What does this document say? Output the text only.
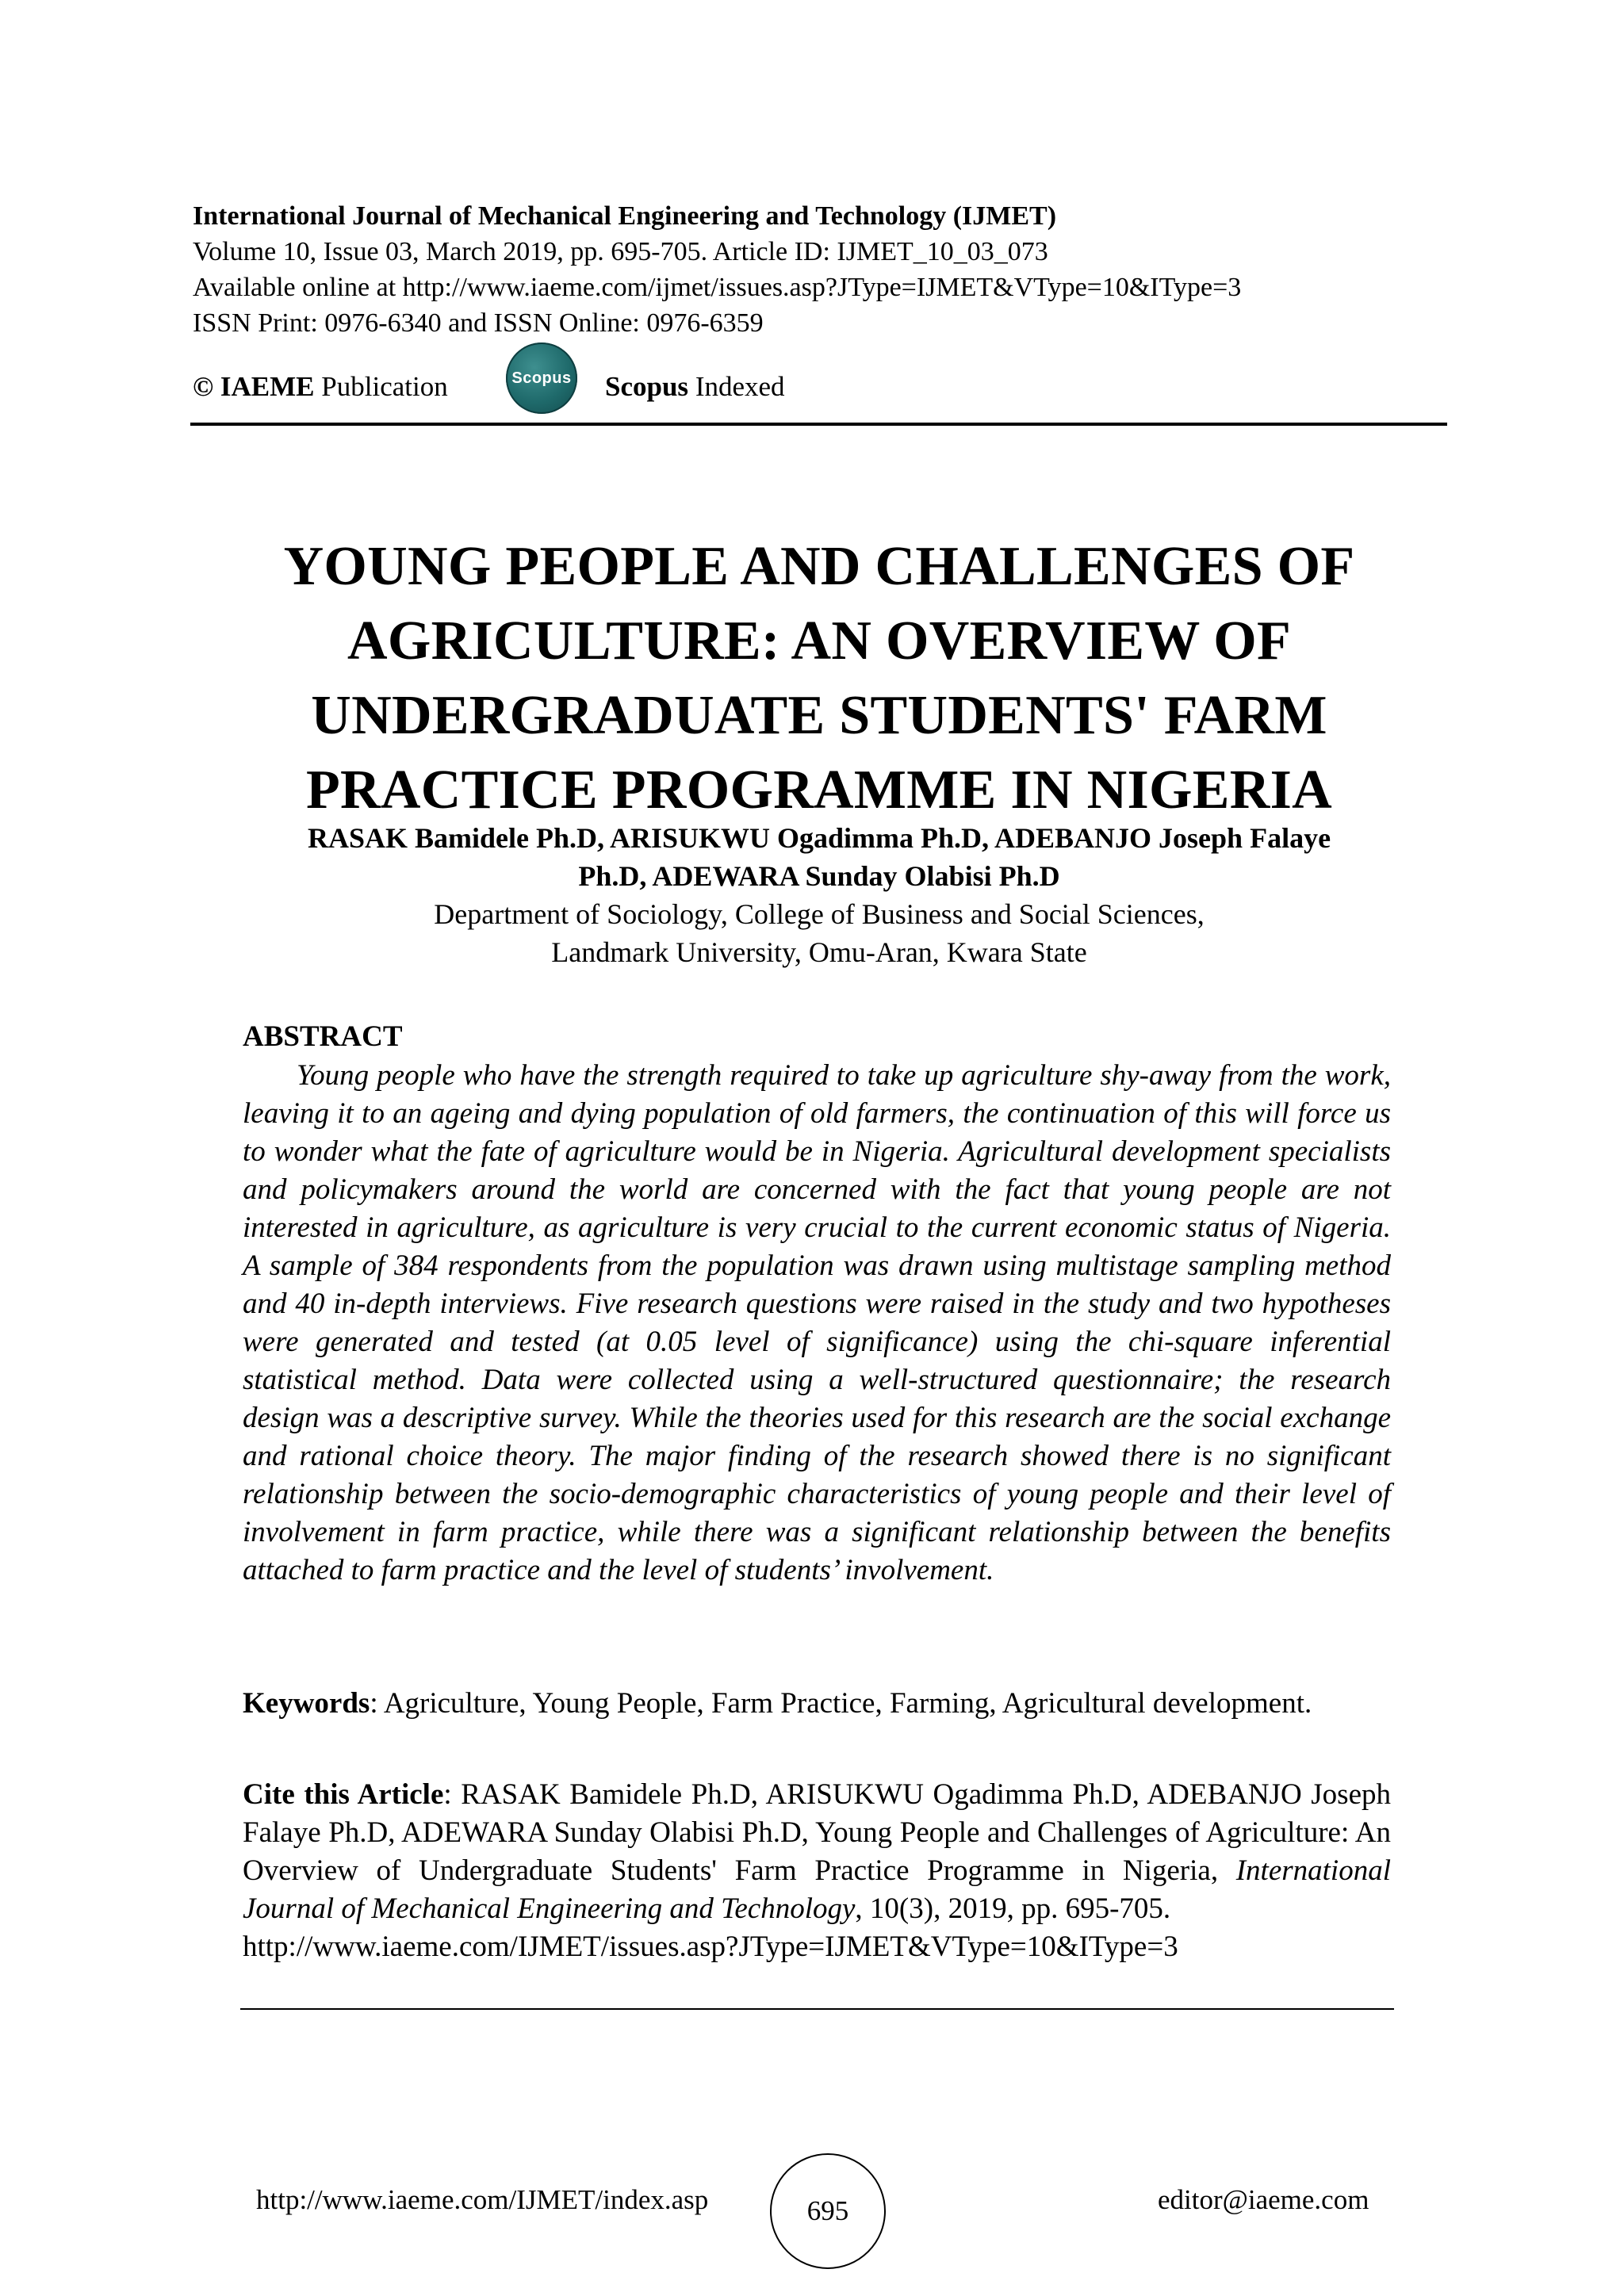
International Journal of Mechanical Engineering and Technology (IJMET)
Volume 10, Issue 03, March 2019, pp. 695-705. Article ID: IJMET_10_03_073
Available online at http://www.iaeme.com/ijmet/issues.asp?JType=IJMET&VType=10&IType=3
ISSN Print: 0976-6340 and ISSN Online: 0976-6359
© IAEME Publication	Scopus Scopus Indexed
YOUNG PEOPLE AND CHALLENGES OF
AGRICULTURE: AN OVERVIEW OF
UNDERGRADUATE STUDENTS' FARM
PRACTICE PROGRAMME IN NIGERIA
RASAK Bamidele Ph.D, ARISUKWU Ogadimma Ph.D, ADEBANJO Joseph Falaye
Ph.D, ADEWARA Sunday Olabisi Ph.D
Department of Sociology, College of Business and Social Sciences,
Landmark University, Omu-Aran, Kwara State
ABSTRACT

Young people who have the strength required to take up agriculture shy-away from the work, leaving it to an ageing and dying population of old farmers, the continuation of this will force us to wonder what the fate of agriculture would be in Nigeria. Agricultural development specialists and policymakers around the world are concerned with the fact that young people are not interested in agriculture, as agriculture is very crucial to the current economic status of Nigeria. A sample of 384 respondents from the population was drawn using multistage sampling method and 40 in-depth interviews. Five research questions were raised in the study and two hypotheses were generated and tested (at 0.05 level of significance) using the chi-square inferential statistical method. Data were collected using a well-structured questionnaire; the research design was a descriptive survey. While the theories used for this research are the social exchange and rational choice theory. The major finding of the research showed there is no significant relationship between the socio-demographic characteristics of young people and their level of involvement in farm practice, while there was a significant relationship between the benefits attached to farm practice and the level of students’ involvement.

Keywords: Agriculture, Young People, Farm Practice, Farming, Agricultural development.
Cite this Article: RASAK Bamidele Ph.D, ARISUKWU Ogadimma Ph.D, ADEBANJO Joseph Falaye Ph.D, ADEWARA Sunday Olabisi Ph.D, Young People and Challenges of Agriculture: An Overview of Undergraduate Students' Farm Practice Programme in Nigeria, International Journal of Mechanical Engineering and Technology, 10(3), 2019, pp. 695-705.
http://www.iaeme.com/IJMET/issues.asp?JType=IJMET&VType=10&IType=3
http://www.iaeme.com/IJMET/index.asp	695	editor@iaeme.com
